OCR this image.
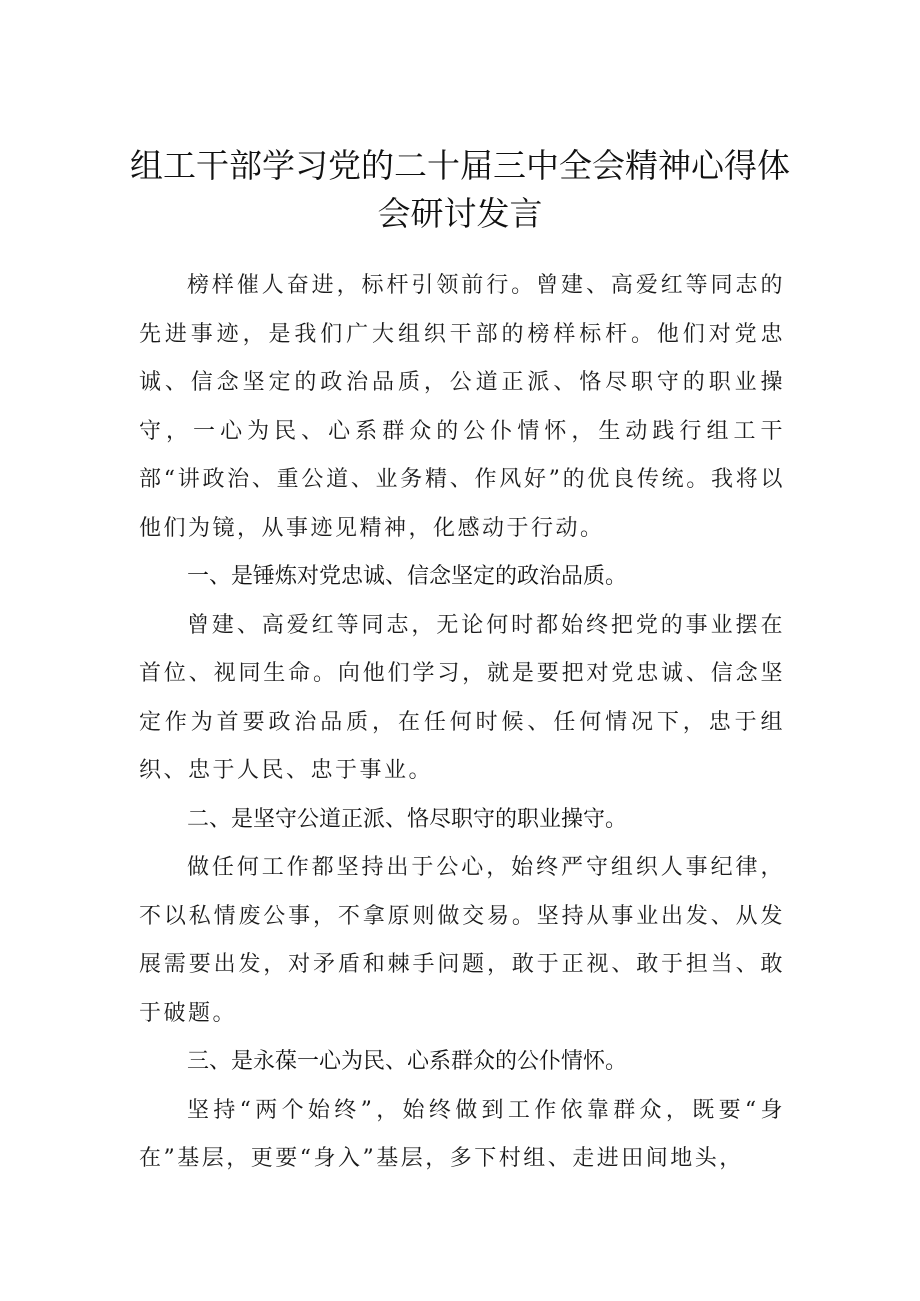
组工干部学习党的二十届三中全会精神心得体会研讨发言

榜样催人奋进，标杆引领前行。曾建、高爱红等同志的先进事迹，是我们广大组织干部的榜样标杆。他们对党忠诚、信念坚定的政治品质，公道正派、恪尽职守的职业操守，一心为民、心系群众的公仆情怀，生动践行组工干部“讲政治、重公道、业务精、作风好”的优良传统。我将以他们为镜，从事迹见精神，化感动于行动。

一、是锤炼对党忠诚、信念坚定的政治品质。

曾建、高爱红等同志，无论何时都始终把党的事业摆在首位、视同生命。向他们学习，就是要把对党忠诚、信念坚定作为首要政治品质，在任何时候、任何情况下，忠于组织、忠于人民、忠于事业。

二、是坚守公道正派、恪尽职守的职业操守。

做任何工作都坚持出于公心，始终严守组织人事纪律，不以私情废公事，不拿原则做交易。坚持从事业出发、从发展需要出发，对矛盾和棘手问题，敢于正视、敢于担当、敢于破题。

三、是永葆一心为民、心系群众的公仆情怀。

坚持“两个始终”，始终做到工作依靠群众，既要“身在”基层，更要“身入”基层，多下村组、走进田间地头，
